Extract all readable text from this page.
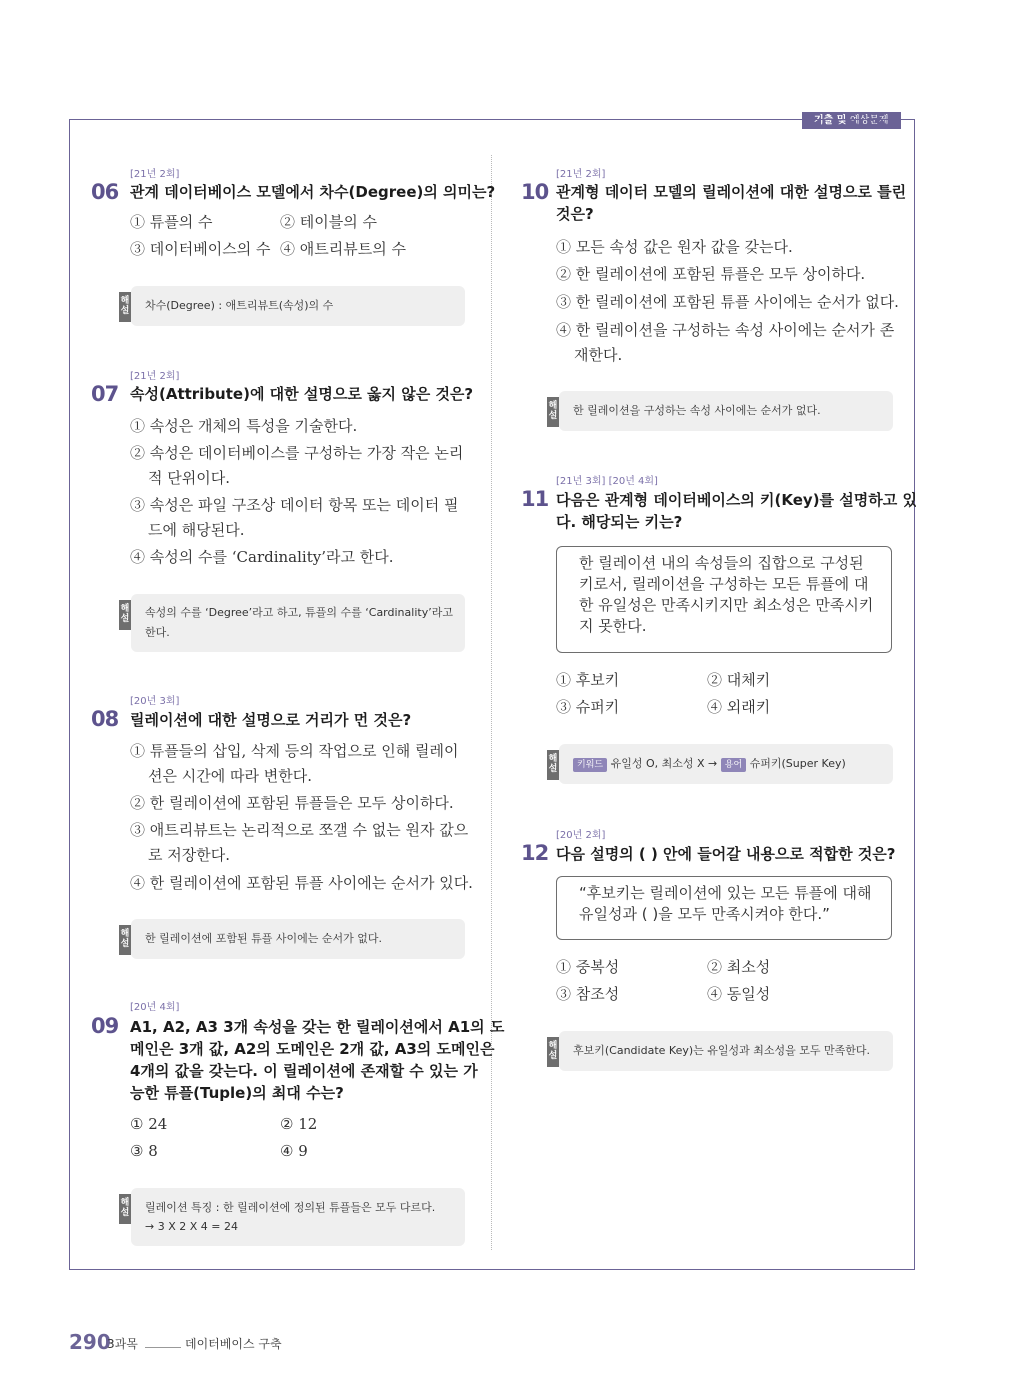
기출 및 예상문제
[21년 2회]
06 관계 데이터베이스 모델에서 차수(Degree)의 의미는?
① 튜플의 수	② 테이블의 수
③ 데이터베이스의 수 ④ 애트리뷰트의 수
해
설 차수(Degree) : 애트리뷰트(속성)의 수
[21년 2회]
07 속성(Attribute)에 대한 설명으로 옳지 않은 것은?
① 속성은 개체의 특성을 기술한다.
② 속성은 데이터베이스를 구성하는 가장 작은 논리
적 단위이다.
③ 속성은 파일 구조상 데이터 항목 또는 데이터 필
드에 해당된다.
④ 속성의 수를 ‘Cardinality’라고 한다.
해
설 속성의 수를 ‘Degree’라고 하고, 튜플의 수를 ‘Cardinality’라고
한다.
[20년 3회]
08 릴레이션에 대한 설명으로 거리가 먼 것은?
① 튜플들의 삽입, 삭제 등의 작업으로 인해 릴레이
션은 시간에 따라 변한다.
② 한 릴레이션에 포함된 튜플들은 모두 상이하다.
③ 애트리뷰트는 논리적으로 쪼갤 수 없는 원자 값으
로 저장한다.
④ 한 릴레이션에 포함된 튜플 사이에는 순서가 있다.
해
설 한 릴레이션에 포함된 튜플 사이에는 순서가 없다.
[20년 4회]
09 A1, A2, A3 3개 속성을 갖는 한 릴레이션에서 A1의 도
메인은 3개 값, A2의 도메인은 2개 값, A3의 도메인은
4개의 값을 갖는다. 이 릴레이션에 존재할 수 있는 가
능한 튜플(Tuple)의 최대 수는?
① 24	② 12
③ 8	④ 9
해
설 릴레이션 특징 : 한 릴레이션에 정의된 튜플들은 모두 다르다.
→ 3 X 2 X 4 = 24
[21년 2회]
10 관계형 데이터 모델의 릴레이션에 대한 설명으로 틀린
것은?
① 모든 속성 값은 원자 값을 갖는다.
② 한 릴레이션에 포함된 튜플은 모두 상이하다.
③ 한 릴레이션에 포함된 튜플 사이에는 순서가 없다.
④ 한 릴레이션을 구성하는 속성 사이에는 순서가 존
재한다.
해
설 한 릴레이션을 구성하는 속성 사이에는 순서가 없다.
[21년 3회] [20년 4회]
11 다음은 관계형 데이터베이스의 키(Key)를 설명하고 있
다. 해당되는 키는?
한 릴레이션 내의 속성들의 집합으로 구성된
키로서, 릴레이션을 구성하는 모든 튜플에 대
한 유일성은 만족시키지만 최소성은 만족시키
지 못한다.
① 후보키	② 대체키
③ 슈퍼키	④ 외래키
해
설	키워드 유일성 O, 최소성 X → 용어 슈퍼키(Super Key)
[20년 2회]
12 다음 설명의 ( ) 안에 들어갈 내용으로 적합한 것은?
“후보키는 릴레이션에 있는 모든 튜플에 대해
유일성과 ( )을 모두 만족시켜야 한다.”
① 중복성	② 최소성
③ 참조성	④ 동일성
해
설 후보키(Candidate Key)는 유일성과 최소성을 모두 만족한다.
290
3과목	데이터베이스 구축
